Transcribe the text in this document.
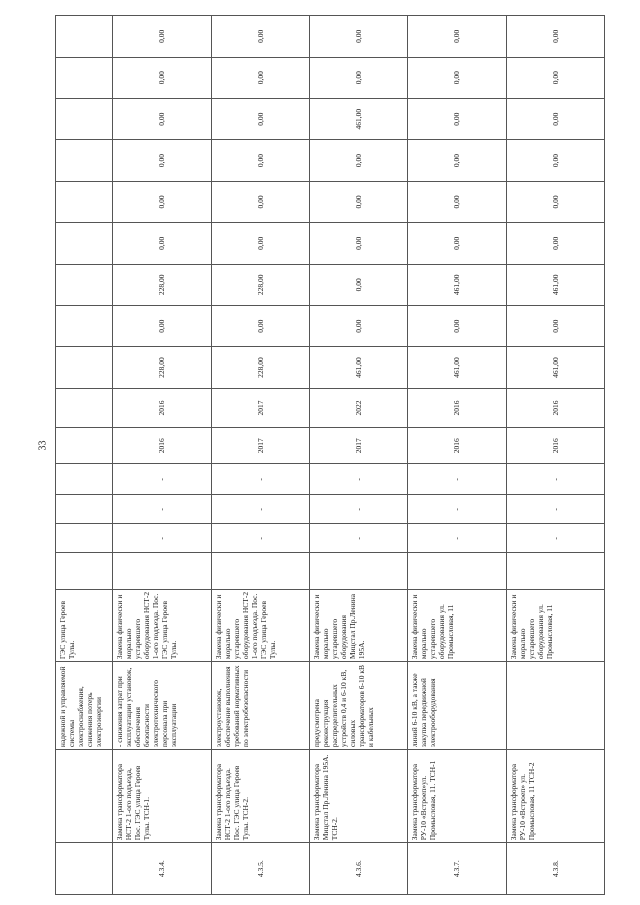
33
		надежной и управляемой системы электроснабжения, снижения потерь электроэнергии	ГЭС улица Героев Тулы.															
4.3.4.	Замена трансформатора НСТ-2 1-ого подъезда, Пос. ГЭС улица Героев Тулы. ТСН-1.	- снижения затрат при эксплуатации установок, обеспечения безопасности электротехнического персонала при эксплуатации	Замена физически и морально устаревшего оборудования НСТ-2 1-ого подъезда. Пос. ГЭС улица Героев Тулы.		-	-	-	2016	2016	228,00	0,00	228,00	0,00	0,00	0,00	0,00	0,00	0,00
4.3.5.	Замена трансформатора НСТ-2 1-ого подъезда. Пос. ГЭС улица Героев Тулы. ТСН-2.	электроустановок, обеспечение выполнения требований нормативных по электробезопасности	Замена физически и морально устаревшего оборудования НСТ-2 1-ого подъезда. Пос. ГЭС улица Героев Тулы.		-	-	-	2017	2017	228,00	0,00	228,00	0,00	0,00	0,00	0,00	0,00	0,00
4.3.6.	Замена трансформатора Мицстал Пр.Ленина 195А. ТСН-2.	предусмотрена реконструкция распределительных устройств 0,4 и 6-10 кВ, силовых трансформаторов 6-10 кВ и кабельных	Замена физически и морально устаревшего оборудования Мицстал Пр.Ленина 195А.		-	-	-	2017	2022	461,00	0,00	0,00	0,00	0,00	0,00	461,00	0,00	0,00
4.3.7.	Замена трансформатора РУ-10 «Встроеп»ул. Промысловая, 11. ТСН-1	линий 6-10 кВ, а также закупка передвижной электрооборудования	Замена физически и морально устаревшего оборудования ул. Промысловая, 11		-	-	-	2016	2016	461,00	0,00	461,00	0,00	0,00	0,00	0,00	0,00	0,00
4.3.8.	Замена трансформатора РУ-10 «Встроеп» ул. Промысловая, 11 ТСН-2		Замена физически и морально устаревшего оборудования ул. Промысловая, 11		-	-	-	2016	2016	461,00	0,00	461,00	0,00	0,00	0,00	0,00	0,00	0,00
